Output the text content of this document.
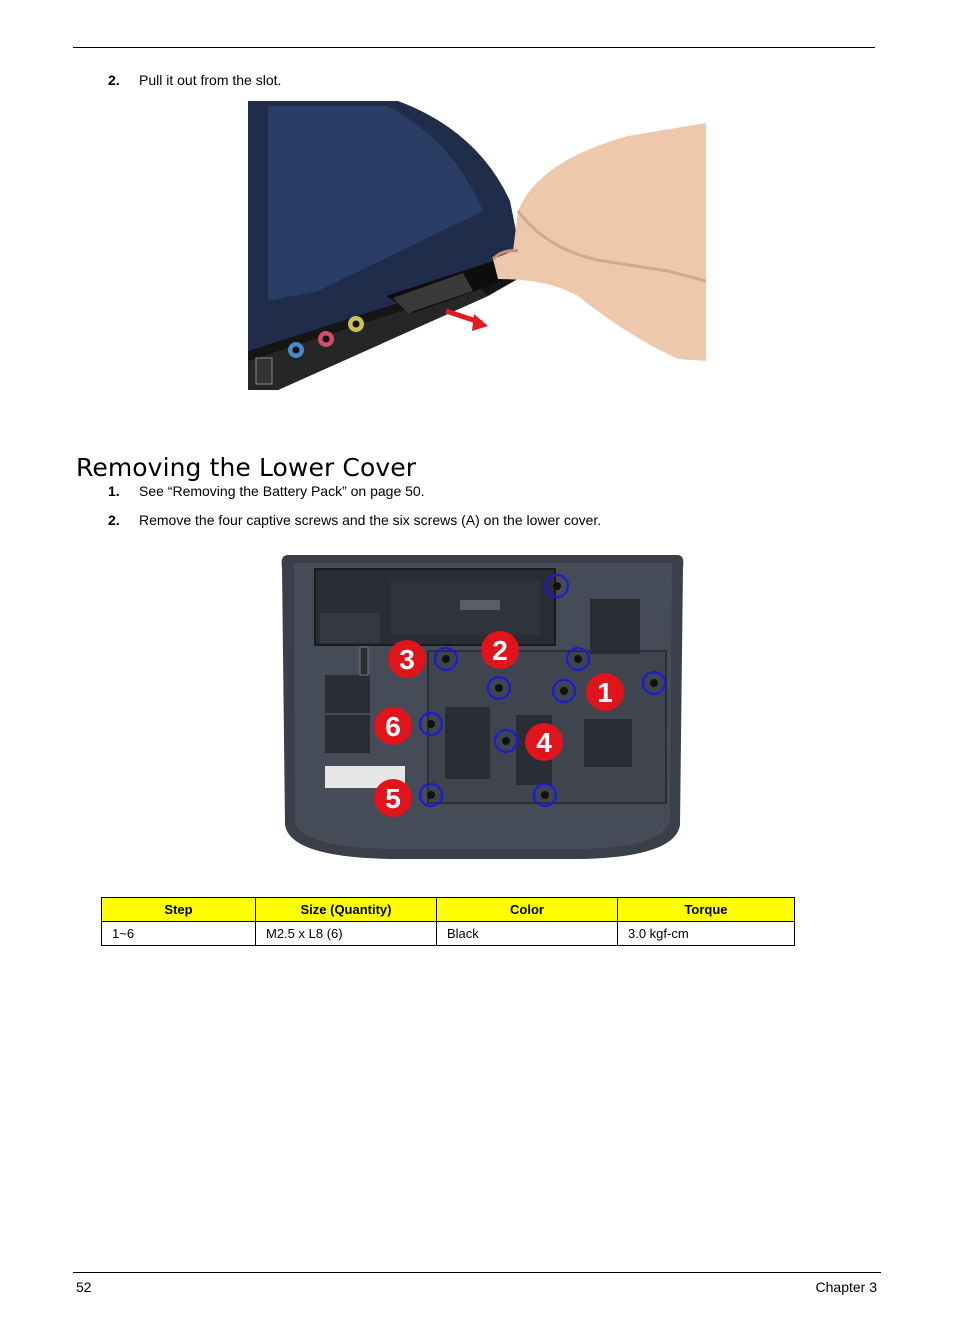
2. Pull it out from the slot.
Removing the Lower Cover
1. See “Removing the Battery Pack” on page 50.
2. Remove the four captive screws and the six screws (A) on the lower cover.
1
2
3
4
5
6
Step	Size (Quantity)	Color	Torque
1~6	M2.5 x L8 (6)	Black	3.0 kgf-cm
52	Chapter 3
